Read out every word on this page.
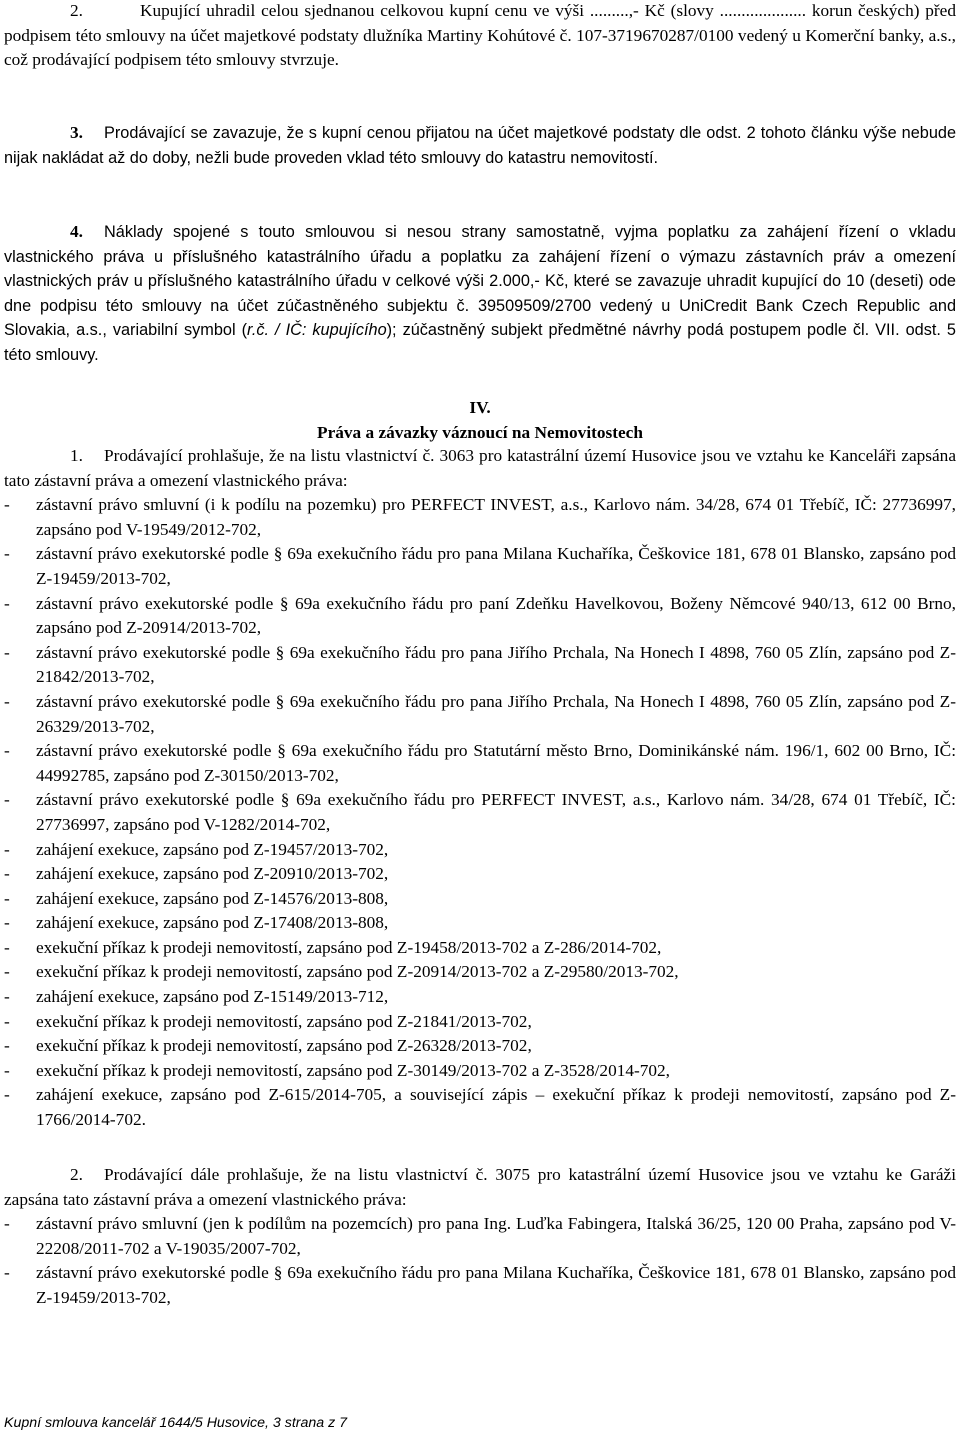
2.	Kupující uhradil celou sjednanou celkovou kupní cenu ve výši .........,- Kč (slovy .................... korun českých) před podpisem této smlouvy na účet majetkové podstaty dlužníka Martiny Kohútové č. 107-3719670287/0100 vedený u Komerční banky, a.s., což prodávající podpisem této smlouvy stvrzuje.

3. Prodávající se zavazuje, že s kupní cenou přijatou na účet majetkové podstaty dle odst. 2 tohoto článku výše nebude nijak nakládat až do doby, nežli bude proveden vklad této smlouvy do katastru nemovitostí.

4. Náklady spojené s touto smlouvou si nesou strany samostatně, vyjma poplatku za zahájení řízení o vkladu vlastnického práva u příslušného katastrálního úřadu a poplatku za zahájení řízení o výmazu zástavních práv a omezení vlastnických práv u příslušného katastrálního úřadu v celkové výši 2.000,- Kč, které se zavazuje uhradit kupující do 10 (deseti) ode dne podpisu této smlouvy na účet zúčastněného subjektu č. 39509509/2700 vedený u UniCredit Bank Czech Republic and Slovakia, a.s., variabilní symbol (r.č. / IČ: kupujícího); zúčastněný subjekt předmětné návrhy podá postupem podle čl. VII. odst. 5 této smlouvy.

IV.

Práva a závazky váznoucí na Nemovitostech

1. Prodávající prohlašuje, že na listu vlastnictví č. 3063 pro katastrální území Husovice jsou ve vztahu ke Kanceláři zapsána tato zástavní práva a omezení vlastnického práva:

- zástavní právo smluvní (i k podílu na pozemku) pro PERFECT INVEST, a.s., Karlovo nám. 34/28, 674 01 Třebíč, IČ: 27736997, zapsáno pod V-19549/2012-702,

- zástavní právo exekutorské podle § 69a exekučního řádu pro pana Milana Kuchaříka, Češkovice 181, 678 01 Blansko, zapsáno pod Z-19459/2013-702,

- zástavní právo exekutorské podle § 69a exekučního řádu pro paní Zdeňku Havelkovou, Boženy Němcové 940/13, 612 00 Brno, zapsáno pod Z-20914/2013-702,

- zástavní právo exekutorské podle § 69a exekučního řádu pro pana Jiřího Prchala, Na Honech I 4898, 760 05 Zlín, zapsáno pod Z-21842/2013-702,

- zástavní právo exekutorské podle § 69a exekučního řádu pro pana Jiřího Prchala, Na Honech I 4898, 760 05 Zlín, zapsáno pod Z-26329/2013-702,

- zástavní právo exekutorské podle § 69a exekučního řádu pro Statutární město Brno, Dominikánské nám. 196/1, 602 00 Brno, IČ: 44992785, zapsáno pod Z-30150/2013-702,

- zástavní právo exekutorské podle § 69a exekučního řádu pro PERFECT INVEST, a.s., Karlovo nám. 34/28, 674 01 Třebíč, IČ: 27736997, zapsáno pod V-1282/2014-702,

- zahájení exekuce, zapsáno pod Z-19457/2013-702,

- zahájení exekuce, zapsáno pod Z-20910/2013-702,

- zahájení exekuce, zapsáno pod Z-14576/2013-808,

- zahájení exekuce, zapsáno pod Z-17408/2013-808,

- exekuční příkaz k prodeji nemovitostí, zapsáno pod Z-19458/2013-702 a Z-286/2014-702,

- exekuční příkaz k prodeji nemovitostí, zapsáno pod Z-20914/2013-702 a Z-29580/2013-702,

- zahájení exekuce, zapsáno pod Z-15149/2013-712,

- exekuční příkaz k prodeji nemovitostí, zapsáno pod Z-21841/2013-702,

- exekuční příkaz k prodeji nemovitostí, zapsáno pod Z-26328/2013-702,

- exekuční příkaz k prodeji nemovitostí, zapsáno pod Z-30149/2013-702 a Z-3528/2014-702,

- zahájení exekuce, zapsáno pod Z-615/2014-705, a související zápis – exekuční příkaz k prodeji nemovitostí, zapsáno pod Z-1766/2014-702.

2. Prodávající dále prohlašuje, že na listu vlastnictví č. 3075 pro katastrální území Husovice jsou ve vztahu ke Garáži zapsána tato zástavní práva a omezení vlastnického práva:

- zástavní právo smluvní (jen k podílům na pozemcích) pro pana Ing. Luďka Fabingera, Italská 36/25, 120 00 Praha, zapsáno pod V-22208/2011-702 a V-19035/2007-702,

- zástavní právo exekutorské podle § 69a exekučního řádu pro pana Milana Kuchaříka, Češkovice 181, 678 01 Blansko, zapsáno pod Z-19459/2013-702,

Kupní smlouva kancelář 1644/5 Husovice, 3 strana z 7
